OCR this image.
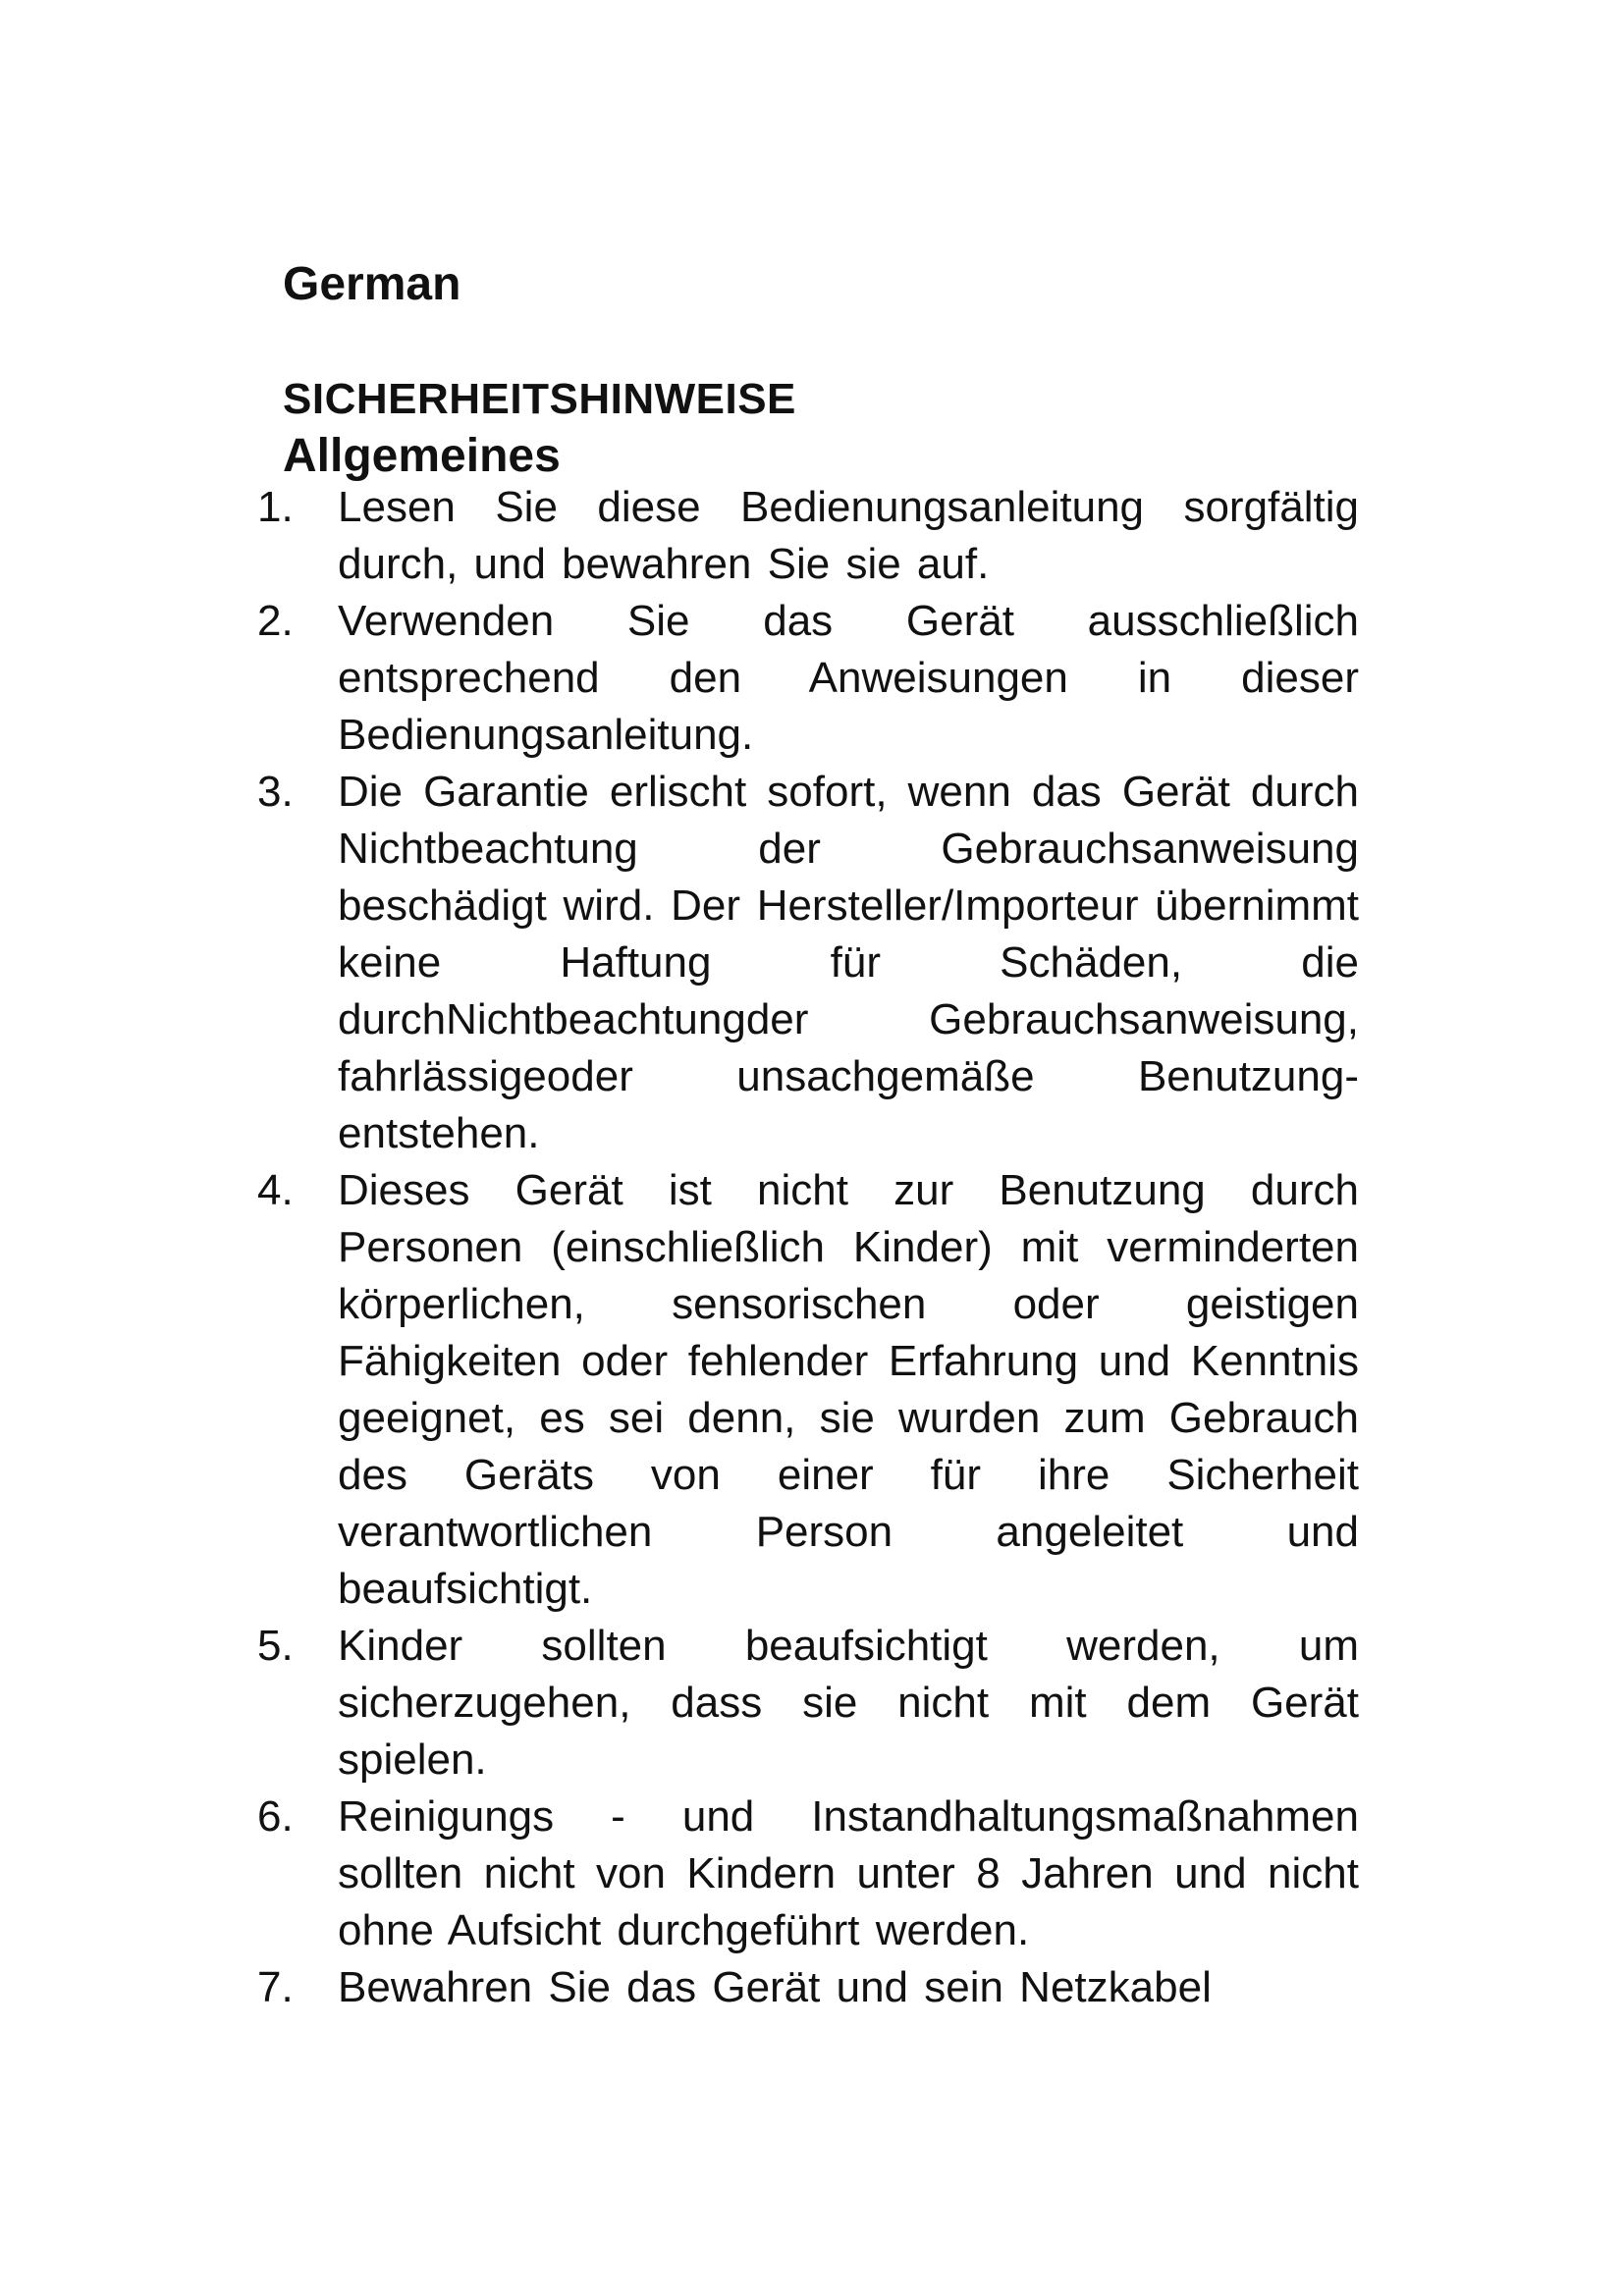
German
SICHERHEITSHINWEISE
Allgemeines
1. Lesen Sie diese Bedienungsanleitung sorgfältig durch, und bewahren Sie sie auf.
2. Verwenden Sie das Gerät ausschließlich entsprechend den Anweisungen in dieser Bedienungsanleitung.
3. Die Garantie erlischt sofort, wenn das Gerät durch Nichtbeachtung der Gebrauchsanweisung beschädigt wird. Der Hersteller/Importeur übernimmt keine Haftung für Schäden, die durchNichtbeachtungder Gebrauchsanweisung, fahrlässigeoder unsachgemäße Benutzung- entstehen.
4. Dieses Gerät ist nicht zur Benutzung durch Personen (einschließlich Kinder) mit verminderten körperlichen, sensorischen oder geistigen Fähigkeiten oder fehlender Erfahrung und Kenntnis geeignet, es sei denn, sie wurden zum Gebrauch des Geräts von einer für ihre Sicherheit verantwortlichen Person angeleitet und beaufsichtigt.
5. Kinder sollten beaufsichtigt werden, um sicherzugehen, dass sie nicht mit dem Gerät spielen.
6. Reinigungs - und Instandhaltungsmaßnahmen sollten nicht von Kindern unter 8 Jahren und nicht ohne Aufsicht durchgeführt werden.
7. Bewahren Sie das Gerät und sein Netzkabel
